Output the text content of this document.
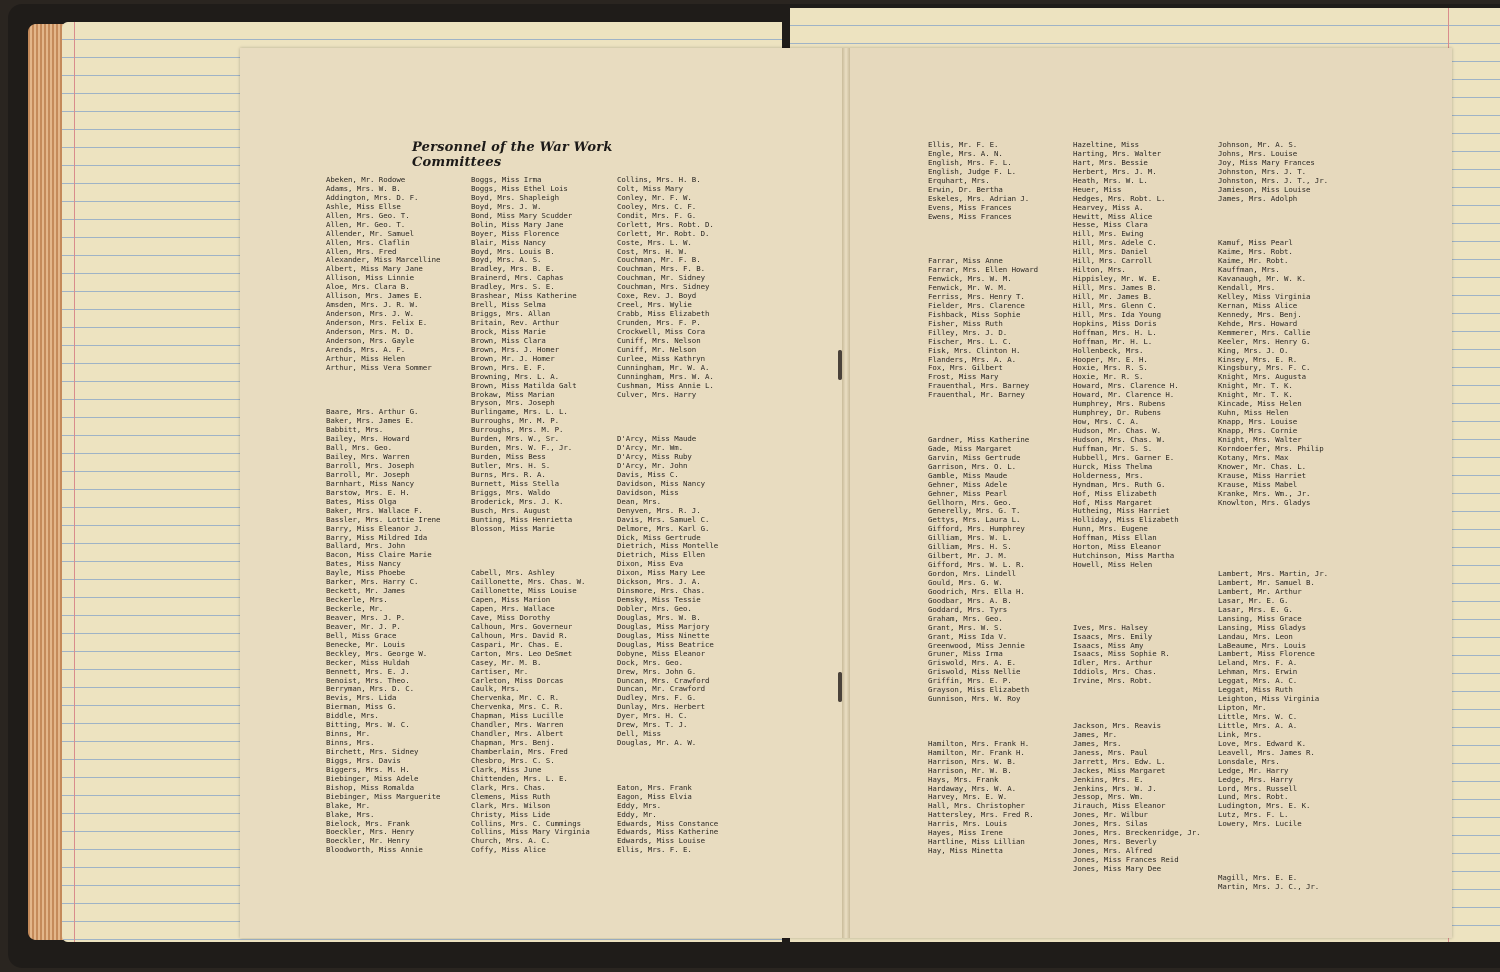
Personnel of the War Work Committees
Abeken, Mr. Rodowe
Adams, Mrs. W. B.
Addington, Mrs. D. F.
Ashle, Miss Ellse
Allen, Mrs. Geo. T.
Allen, Mr. Geo. T.
Allender, Mr. Samuel
Allen, Mrs. Claflin
Allen, Mrs. Fred
Alexander, Miss Marcelline
Albert, Miss Mary Jane
Allison, Miss Linnie
Aloe, Mrs. Clara B.
Allison, Mrs. James E.
Amsden, Mrs. J. R. W.
Anderson, Mrs. J. W.
Anderson, Mrs. Felix E.
Anderson, Mrs. M. D.
Anderson, Mrs. Gayle
Arends, Mrs. A. F.
Arthur, Miss Helen
Arthur, Miss Vera Sommer
Baare, Mrs. Arthur G.
Baker, Mrs. James E.
Babbitt, Mrs.
Bailey, Mrs. Howard
Ball, Mrs. Geo.
Bailey, Mrs. Warren
Barroll, Mrs. Joseph
Barroll, Mr. Joseph
Barnhart, Miss Nancy
Barstow, Mrs. E. H.
Bates, Miss Olga
Baker, Mrs. Wallace F.
Bassler, Mrs. Lottie Irene
Barry, Miss Eleanor J.
Barry, Miss Mildred Ida
Ballard, Mrs. John
Bacon, Miss Claire Marie
Bates, Miss Nancy
Bayle, Miss Phoebe
Barker, Mrs. Harry C.
Beckett, Mr. James
Beckerle, Mrs.
Beckerle, Mr.
Beaver, Mrs. J. P.
Beaver, Mr. J. P.
Bell, Miss Grace
Benecke, Mr. Louis
Beckley, Mrs. George W.
Becker, Miss Huldah
Bennett, Mrs. E. J.
Benoist, Mrs. Theo.
Berryman, Mrs. D. C.
Bevis, Mrs. Lida
Bierman, Miss G.
Biddle, Mrs.
Bitting, Mrs. W. C.
Binns, Mr.
Binns, Mrs.
Birchett, Mrs. Sidney
Biggs, Mrs. Davis
Biggers, Mrs. M. H.
Biebinger, Miss Adele
Bishop, Miss Romalda
Biebinger, Miss Marguerite
Blake, Mr.
Blake, Mrs.
Bielock, Mrs. Frank
Boeckler, Mrs. Henry
Boeckler, Mr. Henry
Bloodworth, Miss Annie
Boggs, Miss Irma
Boggs, Miss Ethel Lois
Boyd, Mrs. Shapleigh
Boyd, Mrs. J. W.
Bond, Miss Mary Scudder
Bolin, Miss Mary Jane
Boyer, Miss Florence
Blair, Miss Nancy
Boyd, Mrs. Louis B.
Boyd, Mrs. A. S.
Bradley, Mrs. B. E.
Brainerd, Mrs. Caphas
Bradley, Mrs. S. E.
Brashear, Miss Katherine
Brell, Miss Selma
Briggs, Mrs. Allan
Britain, Rev. Arthur
Brock, Miss Marie
Brown, Miss Clara
Brown, Mrs. J. Homer
Brown, Mr. J. Homer
Brown, Mrs. E. F.
Browning, Mrs. L. A.
Brown, Miss Matilda Galt
Brokaw, Miss Marian
Bryson, Mrs. Joseph
Burlingame, Mrs. L. L.
Burroughs, Mr. M. P.
Burroughs, Mrs. M. P.
Burden, Mrs. W., Sr.
Burden, Mrs. W. F., Jr.
Burden, Miss Bess
Butler, Mrs. H. S.
Burns, Mrs. R. A.
Burnett, Miss Stella
Briggs, Mrs. Waldo
Broderick, Mrs. J. K.
Busch, Mrs. August
Bunting, Miss Henrietta
Blosson, Miss Marie
Cabell, Mrs. Ashley
Caillonette, Mrs. Chas. W.
Caillonette, Miss Louise
Capen, Miss Marion
Capen, Mrs. Wallace
Cave, Miss Dorothy
Calhoun, Mrs. Governeur
Calhoun, Mrs. David R.
Caspari, Mr. Chas. E.
Carton, Mrs. Leo DeSmet
Casey, Mr. M. B.
Cartiser, Mr.
Carleton, Miss Dorcas
Caulk, Mrs.
Chervenka, Mr. C. R.
Chervenka, Mrs. C. R.
Chapman, Miss Lucille
Chandler, Mrs. Warren
Chandler, Mrs. Albert
Chapman, Mrs. Benj.
Chamberlain, Mrs. Fred
Chesbro, Mrs. C. S.
Clark, Miss June
Chittenden, Mrs. L. E.
Clark, Mrs. Chas.
Clemens, Miss Ruth
Clark, Mrs. Wilson
Christy, Miss Lide
Collins, Mrs. C. Cummings
Collins, Miss Mary Virginia
Church, Mrs. A. C.
Coffy, Miss Alice
Collins, Mrs. H. B.
Colt, Miss Mary
Conley, Mr. F. W.
Cooley, Mrs. C. F.
Condit, Mrs. F. G.
Corlett, Mrs. Robt. D.
Corlett, Mr. Robt. D.
Coste, Mrs. L. W.
Cost, Mrs. H. W.
Couchman, Mr. F. B.
Couchman, Mrs. F. B.
Couchman, Mr. Sidney
Couchman, Mrs. Sidney
Coxe, Rev. J. Boyd
Creel, Mrs. Wylie
Crabb, Miss Elizabeth
Crunden, Mrs. F. P.
Crockwell, Miss Cora
Cuniff, Mrs. Nelson
Cuniff, Mr. Nelson
Curlee, Miss Kathryn
Cunningham, Mr. W. A.
Cunningham, Mrs. W. A.
Cushman, Miss Annie L.
Culver, Mrs. Harry
D'Arcy, Miss Maude
D'Arcy, Mr. Wm.
D'Arcy, Miss Ruby
D'Arcy, Mr. John
Davis, Miss C.
Davidson, Miss Nancy
Davidson, Miss
Dean, Mrs.
Denyven, Mrs. R. J.
Davis, Mrs. Samuel C.
Delmore, Mrs. Karl G.
Dick, Miss Gertrude
Dietrich, Miss Montelle
Dietrich, Miss Ellen
Dixon, Miss Eva
Dixon, Miss Mary Lee
Dickson, Mrs. J. A.
Dinsmore, Mrs. Chas.
Demsky, Miss Tessie
Dobler, Mrs. Geo.
Douglas, Mrs. W. B.
Douglas, Miss Marjory
Douglas, Miss Ninette
Douglas, Miss Beatrice
Dobyne, Miss Eleanor
Dock, Mrs. Geo.
Drew, Mrs. John G.
Duncan, Mrs. Crawford
Duncan, Mr. Crawford
Dudley, Mrs. F. G.
Dunlay, Mrs. Herbert
Dyer, Mrs. H. C.
Drew, Mrs. T. J.
Dell, Miss
Douglas, Mr. A. W.
Eaton, Mrs. Frank
Eagon, Miss Elvia
Eddy, Mrs.
Eddy, Mr.
Edwards, Miss Constance
Edwards, Miss Katherine
Edwards, Miss Louise
Ellis, Mrs. F. E.
Ellis, Mr. F. E.
Engle, Mrs. A. N.
English, Mrs. F. L.
English, Judge F. L.
Erquhart, Mrs.
Erwin, Dr. Bertha
Eskeles, Mrs. Adrian J.
Evens, Miss Frances
Ewens, Miss Frances
Farrar, Miss Anne
Farrar, Mrs. Ellen Howard
Fenwick, Mrs. W. M.
Fenwick, Mr. W. M.
Ferriss, Mrs. Henry T.
Fielder, Mrs. Clarence
Fishback, Miss Sophie
Fisher, Miss Ruth
Filley, Mrs. J. D.
Fischer, Mrs. L. C.
Fisk, Mrs. Clinton H.
Flanders, Mrs. A. A.
Fox, Mrs. Gilbert
Frost, Miss Mary
Frauenthal, Mrs. Barney
Frauenthal, Mr. Barney
Gardner, Miss Katherine
Gade, Miss Margaret
Garvin, Miss Gertrude
Garrison, Mrs. O. L.
Gamble, Miss Maude
Gehner, Miss Adele
Gehner, Miss Pearl
Gellhorn, Mrs. Geo.
Generelly, Mrs. G. T.
Gettys, Mrs. Laura L.
Gifford, Mrs. Humphrey
Gilliam, Mrs. W. L.
Gilliam, Mrs. H. S.
Gilbert, Mr. J. M.
Gifford, Mrs. W. L. R.
Gordon, Mrs. Lindell
Gould, Mrs. G. W.
Goodrich, Mrs. Ella H.
Goodbar, Mrs. A. B.
Goddard, Mrs. Tyrs
Graham, Mrs. Geo.
Grant, Mrs. W. S.
Grant, Miss Ida V.
Greenwood, Miss Jennie
Gruner, Miss Irma
Griswold, Mrs. A. E.
Griswold, Miss Nellie
Griffin, Mrs. E. P.
Grayson, Miss Elizabeth
Gunnison, Mrs. W. Roy
Hamilton, Mrs. Frank H.
Hamilton, Mr. Frank H.
Harrison, Mrs. W. B.
Harrison, Mr. W. B.
Hays, Mrs. Frank
Hardaway, Mrs. W. A.
Harvey, Mrs. E. W.
Hall, Mrs. Christopher
Hattersley, Mrs. Fred R.
Harris, Mrs. Louis
Hayes, Miss Irene
Hartline, Miss Lillian
Hay, Miss Minetta
Hazeltine, Miss
Harting, Mrs. Walter
Hart, Mrs. Bessie
Herbert, Mrs. J. M.
Heath, Mrs. W. L.
Heuer, Miss
Hedges, Mrs. Robt. L.
Hearvey, Miss A.
Hewitt, Miss Alice
Hesse, Miss Clara
Hill, Mrs. Ewing
Hill, Mrs. Adele C.
Hill, Mrs. Daniel
Hill, Mrs. Carroll
Hilton, Mrs.
Hippisley, Mr. W. E.
Hill, Mrs. James B.
Hill, Mr. James B.
Hill, Mrs. Glenn C.
Hill, Mrs. Ida Young
Hopkins, Miss Doris
Hoffman, Mrs. H. L.
Hoffman, Mr. H. L.
Hollenbeck, Mrs.
Hooper, Mr. E. H.
Hoxie, Mrs. R. S.
Hoxie, Mr. R. S.
Howard, Mrs. Clarence H.
Howard, Mr. Clarence H.
Humphrey, Mrs. Rubens
Humphrey, Dr. Rubens
How, Mrs. C. A.
Hudson, Mr. Chas. W.
Hudson, Mrs. Chas. W.
Huffman, Mr. S. S.
Hubbell, Mrs. Garner E.
Hurck, Miss Thelma
Holderness, Mrs.
Hyndman, Mrs. Ruth G.
Hof, Miss Elizabeth
Hof, Miss Margaret
Hutheing, Miss Harriet
Holliday, Miss Elizabeth
Hunn, Mrs. Eugene
Hoffman, Miss Ellan
Horton, Miss Eleanor
Hutchinson, Miss Martha
Howell, Miss Helen
Ives, Mrs. Halsey
Isaacs, Mrs. Emily
Isaacs, Miss Amy
Isaacs, Miss Sophie R.
Idler, Mrs. Arthur
Iddiols, Mrs. Chas.
Irvine, Mrs. Robt.
Jackson, Mrs. Reavis
James, Mr.
James, Mrs.
Janess, Mrs. Paul
Jarrett, Mrs. Edw. L.
Jackes, Miss Margaret
Jenkins, Mrs. E.
Jenkins, Mrs. W. J.
Jessop, Mrs. Wm.
Jirauch, Miss Eleanor
Jones, Mr. Wilbur
Jones, Mrs. Silas
Jones, Mrs. Breckenridge, Jr.
Jones, Mrs. Beverly
Jones, Mrs. Alfred
Jones, Miss Frances Reid
Jones, Miss Mary Dee
Johnson, Mr. A. S.
Johns, Mrs. Louise
Joy, Miss Mary Frances
Johnston, Mrs. J. T.
Johnston, Mrs. J. T., Jr.
Jamieson, Miss Louise
James, Mrs. Adolph
Kamuf, Miss Pearl
Kaime, Mrs. Robt.
Kaime, Mr. Robt.
Kauffman, Mrs.
Kavanaugh, Mr. W. K.
Kendall, Mrs.
Kelley, Miss Virginia
Kernan, Miss Alice
Kennedy, Mrs. Benj.
Kehde, Mrs. Howard
Kemmerer, Mrs. Callie
Keeler, Mrs. Henry G.
King, Mrs. J. O.
Kinsey, Mrs. E. R.
Kingsbury, Mrs. F. C.
Knight, Mrs. Augusta
Knight, Mr. T. K.
Knight, Mr. T. K.
Kincade, Miss Helen
Kuhn, Miss Helen
Knapp, Mrs. Louise
Knapp, Mrs. Cornie
Knight, Mrs. Walter
Korndoerfer, Mrs. Philip
Kotany, Mrs. Max
Knower, Mr. Chas. L.
Krause, Miss Harriet
Krause, Miss Mabel
Kranke, Mrs. Wm., Jr.
Knowlton, Mrs. Gladys
Lambert, Mrs. Martin, Jr.
Lambert, Mr. Samuel B.
Lambert, Mr. Arthur
Lasar, Mr. E. G.
Lasar, Mrs. E. G.
Lansing, Miss Grace
Lansing, Miss Gladys
Landau, Mrs. Leon
LaBeaume, Mrs. Louis
Lambert, Miss Florence
Leland, Mrs. F. A.
Lehman, Mrs. Erwin
Leggat, Mrs. A. C.
Leggat, Miss Ruth
Leighton, Miss Virginia
Lipton, Mr.
Little, Mrs. W. C.
Little, Mrs. A. A.
Link, Mrs.
Love, Mrs. Edward K.
Leavell, Mrs. James R.
Lonsdale, Mrs.
Ledge, Mr. Harry
Ledge, Mrs. Harry
Lord, Mrs. Russell
Lund, Mrs. Robt.
Ludington, Mrs. E. K.
Lutz, Mrs. F. L.
Lowery, Mrs. Lucile
Magill, Mrs. E. E.
Martin, Mrs. J. C., Jr.
